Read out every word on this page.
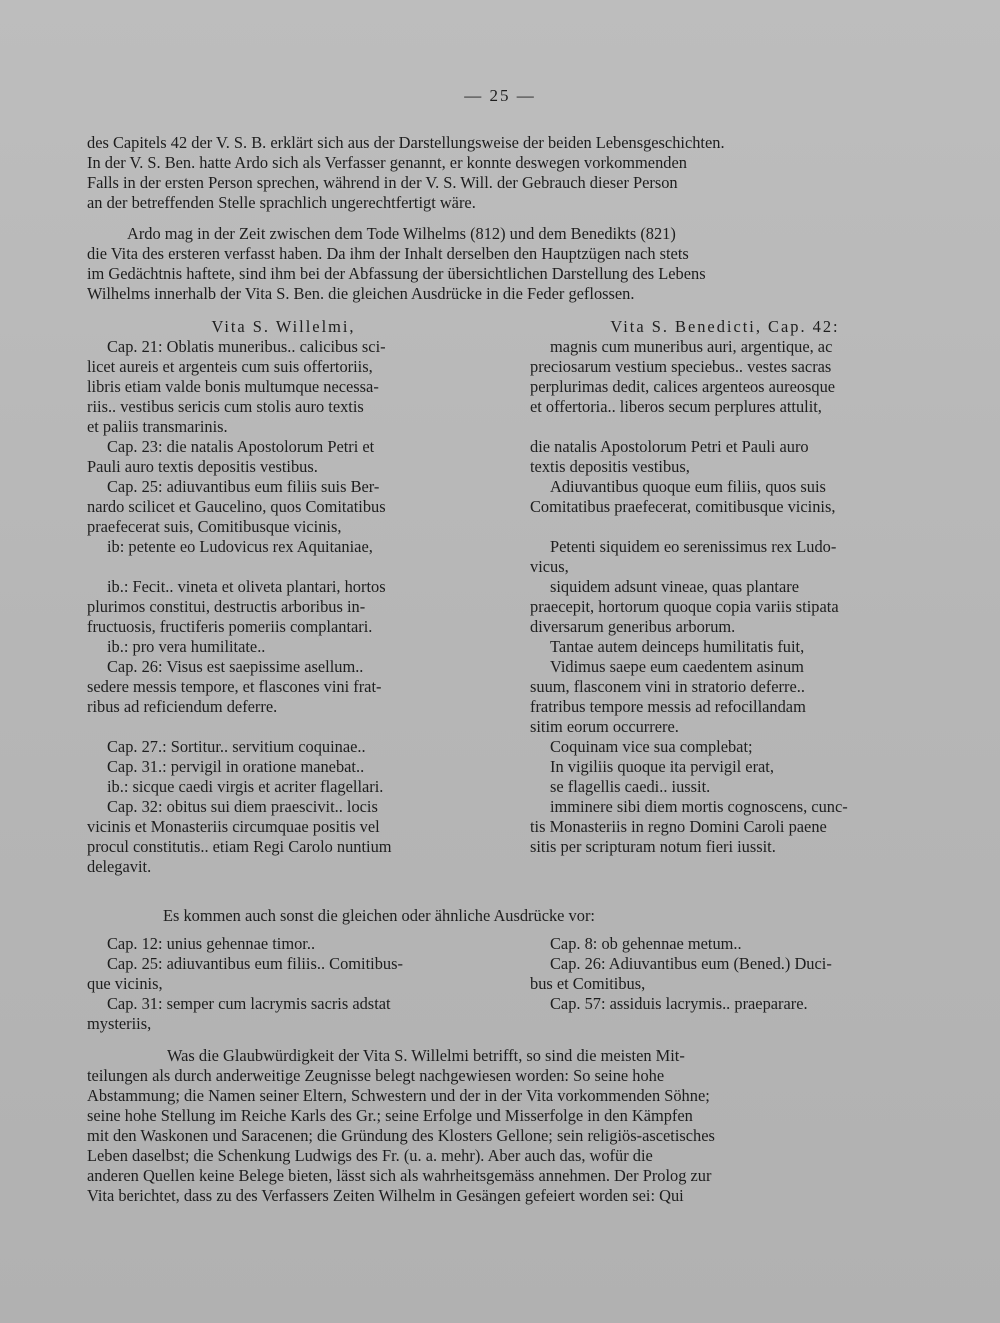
— 25 —
des Capitels 42 der V. S. B. erklärt sich aus der Darstellungsweise der beiden Lebensgeschichten.
In der V. S. Ben. hatte Ardo sich als Verfasser genannt, er konnte deswegen vorkommenden
Falls in der ersten Person sprechen, während in der V. S. Will. der Gebrauch dieser Person
an der betreffenden Stelle sprachlich ungerechtfertigt wäre.
Ardo mag in der Zeit zwischen dem Tode Wilhelms (812) und dem Benedikts (821)
die Vita des ersteren verfasst haben. Da ihm der Inhalt derselben den Hauptzügen nach stets
im Gedächtnis haftete, sind ihm bei der Abfassung der übersichtlichen Darstellung des Lebens
Wilhelms innerhalb der Vita S. Ben. die gleichen Ausdrücke in die Feder geflossen.
Vita S. Willelmi,
Cap. 21: Oblatis muneribus.. calicibus sci-
licet aureis et argenteis cum suis offertoriis,
libris etiam valde bonis multumque necessa-
riis.. vestibus sericis cum stolis auro textis
et paliis transmarinis.
Cap. 23: die natalis Apostolorum Petri et
Pauli auro textis depositis vestibus.
Cap. 25: adiuvantibus eum filiis suis Ber-
nardo scilicet et Gaucelino, quos Comitatibus
praefecerat suis, Comitibusque vicinis,
ib: petente eo Ludovicus rex Aquitaniae,
ib.: Fecit.. vineta et oliveta plantari, hortos
plurimos constitui, destructis arboribus in-
fructuosis, fructiferis pomeriis complantari.
ib.: pro vera humilitate..
Cap. 26: Visus est saepissime asellum..
sedere messis tempore, et flascones vini frat-
ribus ad reficiendum deferre.
Cap. 27.: Sortitur.. servitium coquinae..
Cap. 31.: pervigil in oratione manebat..
ib.: sicque caedi virgis et acriter flagellari.
Cap. 32: obitus sui diem praescivit.. locis
vicinis et Monasteriis circumquae positis vel
procul constitutis.. etiam Regi Carolo nuntium
delegavit.
Vita S. Benedicti, Cap. 42:
magnis cum muneribus auri, argentique, ac
preciosarum vestium speciebus.. vestes sacras
perplurimas dedit, calices argenteos aureosque
et offertoria.. liberos secum perplures attulit,
die natalis Apostolorum Petri et Pauli auro
textis depositis vestibus,
Adiuvantibus quoque eum filiis, quos suis
Comitatibus praefecerat, comitibusque vicinis,
Petenti siquidem eo serenissimus rex Ludo-
vicus,
siquidem adsunt vineae, quas plantare
praecepit, hortorum quoque copia variis stipata
diversarum generibus arborum.
Tantae autem deinceps humilitatis fuit,
Vidimus saepe eum caedentem asinum
suum, flasconem vini in stratorio deferre..
fratribus tempore messis ad refocillandam
sitim eorum occurrere.
Coquinam vice sua complebat;
In vigiliis quoque ita pervigil erat,
se flagellis caedi.. iussit.
imminere sibi diem mortis cognoscens, cunc-
tis Monasteriis in regno Domini Caroli paene
sitis per scripturam notum fieri iussit.
Es kommen auch sonst die gleichen oder ähnliche Ausdrücke vor:
Cap. 12: unius gehennae timor..
Cap. 25: adiuvantibus eum filiis.. Comitibus-
que vicinis,
Cap. 31: semper cum lacrymis sacris adstat
mysteriis,
Cap. 8: ob gehennae metum..
Cap. 26: Adiuvantibus eum (Bened.) Duci-
bus et Comitibus,
Cap. 57: assiduis lacrymis.. praeparare.
Was die Glaubwürdigkeit der Vita S. Willelmi betrifft, so sind die meisten Mit-
teilungen als durch anderweitige Zeugnisse belegt nachgewiesen worden: So seine hohe
Abstammung; die Namen seiner Eltern, Schwestern und der in der Vita vorkommenden Söhne;
seine hohe Stellung im Reiche Karls des Gr.; seine Erfolge und Misserfolge in den Kämpfen
mit den Waskonen und Saracenen; die Gründung des Klosters Gellone; sein religiös-ascetisches
Leben daselbst; die Schenkung Ludwigs des Fr. (u. a. mehr). Aber auch das, wofür die
anderen Quellen keine Belege bieten, lässt sich als wahrheitsgemäss annehmen. Der Prolog zur
Vita berichtet, dass zu des Verfassers Zeiten Wilhelm in Gesängen gefeiert worden sei: Qui
